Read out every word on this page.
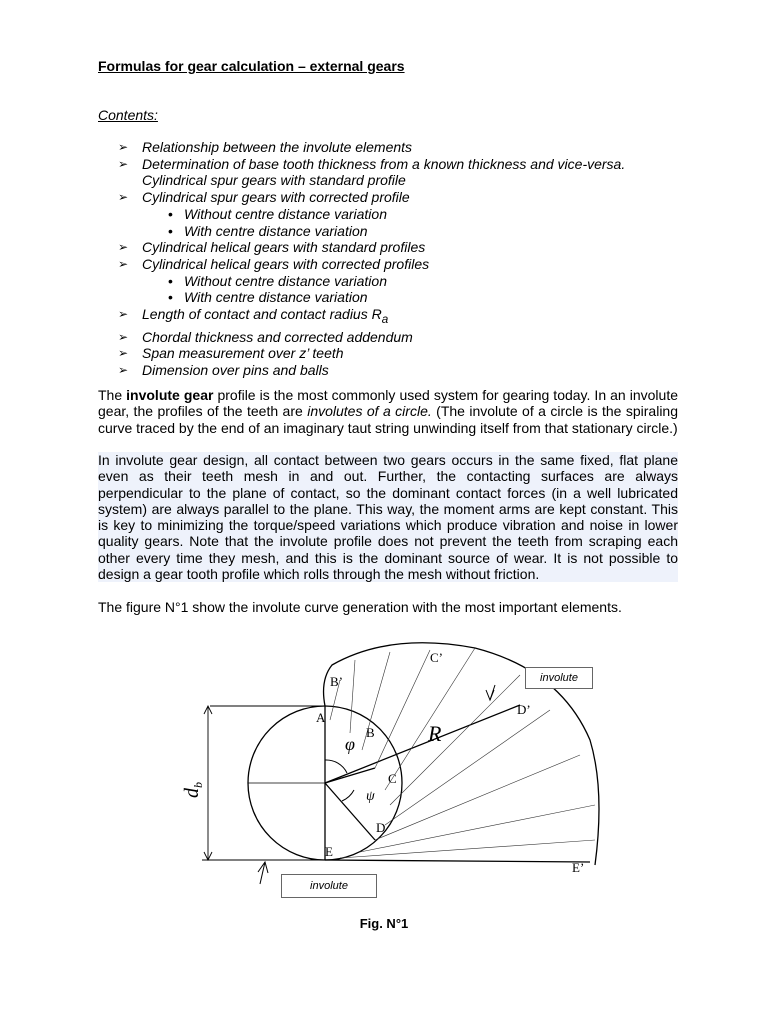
Formulas for gear calculation – external gears

Contents:

➢ Relationship between the involute elements
➢ Determination of base tooth thickness from a known thickness and vice-versa.
Cylindrical spur gears with standard profile
➢ Cylindrical spur gears with corrected profile
• Without centre distance variation
• With centre distance variation
➢ Cylindrical helical gears with standard profiles
➢ Cylindrical helical gears with corrected profiles
• Without centre distance variation
• With centre distance variation
➢ Length of contact and contact radius $R_a$
➢ Chordal thickness and corrected addendum
➢ Span measurement over z’ teeth
➢ Dimension over pins and balls

The involute gear profile is the most commonly used system for gearing today. In an involute gear, the profiles of the teeth are involutes of a circle. (The involute of a circle is the spiraling curve traced by the end of an imaginary taut string unwinding itself from that stationary circle.)

In involute gear design, all contact between two gears occurs in the same fixed, flat plane even as their teeth mesh in and out. Further, the contacting surfaces are always perpendicular to the plane of contact, so the dominant contact forces (in a well lubricated system) are always parallel to the plane. This way, the moment arms are kept constant. This is key to minimizing the torque/speed variations which produce vibration and noise in lower quality gears. Note that the involute profile does not prevent the teeth from scraping each other every time they mesh, and this is the dominant source of wear. It is not possible to design a gear tooth profile which rolls through the mesh without friction.

The figure N°1 show the involute curve generation with the most important elements.

A
B
C
D
E
B’
C’
D’
E’
R
φ
ψ
$d_b$
involute
involute

Fig. N°1
